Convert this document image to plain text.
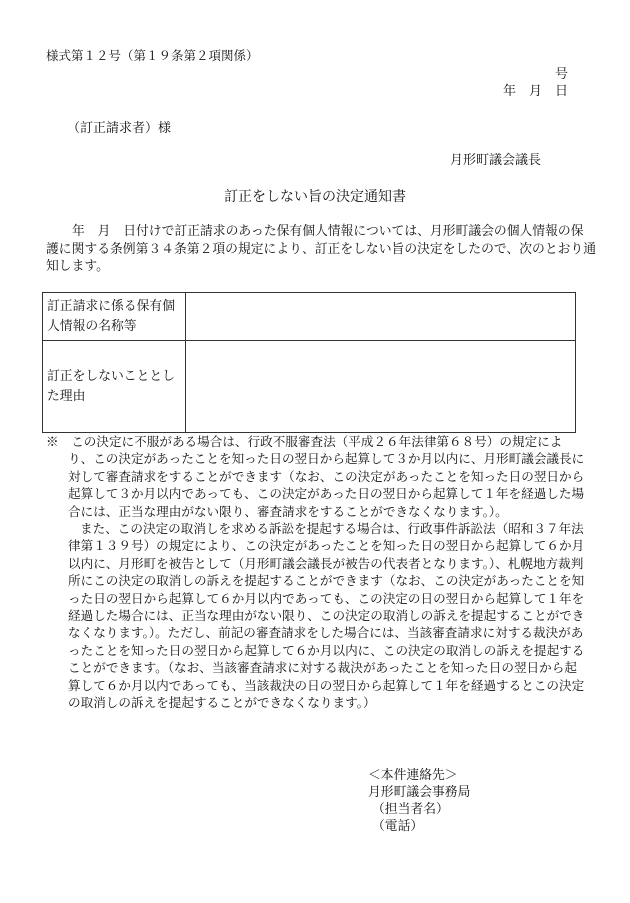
様式第１２号（第１９条第２項関係）
号
年　月　日
（訂正請求者）様
月形町議会議長
訂正をしない旨の決定通知書
年　月　日付けで訂正請求のあった保有個人情報については、月形町議会の個人情報の保護に関する条例第３４条第２項の規定により、訂正をしない旨の決定をしたので、次のとおり通知します。
訂正請求に係る保有個人情報の名称等	
訂正をしないこととした理由	

※　この決定に不服がある場合は、行政不服審査法（平成２６年法律第６８号）の規定により、この決定があったことを知った日の翌日から起算して３か月以内に、月形町議会議長に対して審査請求をすることができます（なお、この決定があったことを知った日の翌日から起算して３か月以内であっても、この決定があった日の翌日から起算して１年を経過した場合には、正当な理由がない限り、審査請求をすることができなくなります。）。

また、この決定の取消しを求める訴訟を提起する場合は、行政事件訴訟法（昭和３７年法律第１３９号）の規定により、この決定があったことを知った日の翌日から起算して６か月以内に、月形町を被告として（月形町議会議長が被告の代表者となります。）、札幌地方裁判所にこの決定の取消しの訴えを提起することができます（なお、この決定があったことを知った日の翌日から起算して６か月以内であっても、この決定の日の翌日から起算して１年を経過した場合には、正当な理由がない限り、この決定の取消しの訴えを提起することができなくなります。）。ただし、前記の審査請求をした場合には、当該審査請求に対する裁決があったことを知った日の翌日から起算して６か月以内に、この決定の取消しの訴えを提起することができます。（なお、当該審査請求に対する裁決があったことを知った日の翌日から起算して６か月以内であっても、当該裁決の日の翌日から起算して１年を経過するとこの決定の取消しの訴えを提起することができなくなります。）

＜本件連絡先＞
月形町議会事務局
（担当者名）
（電話）
